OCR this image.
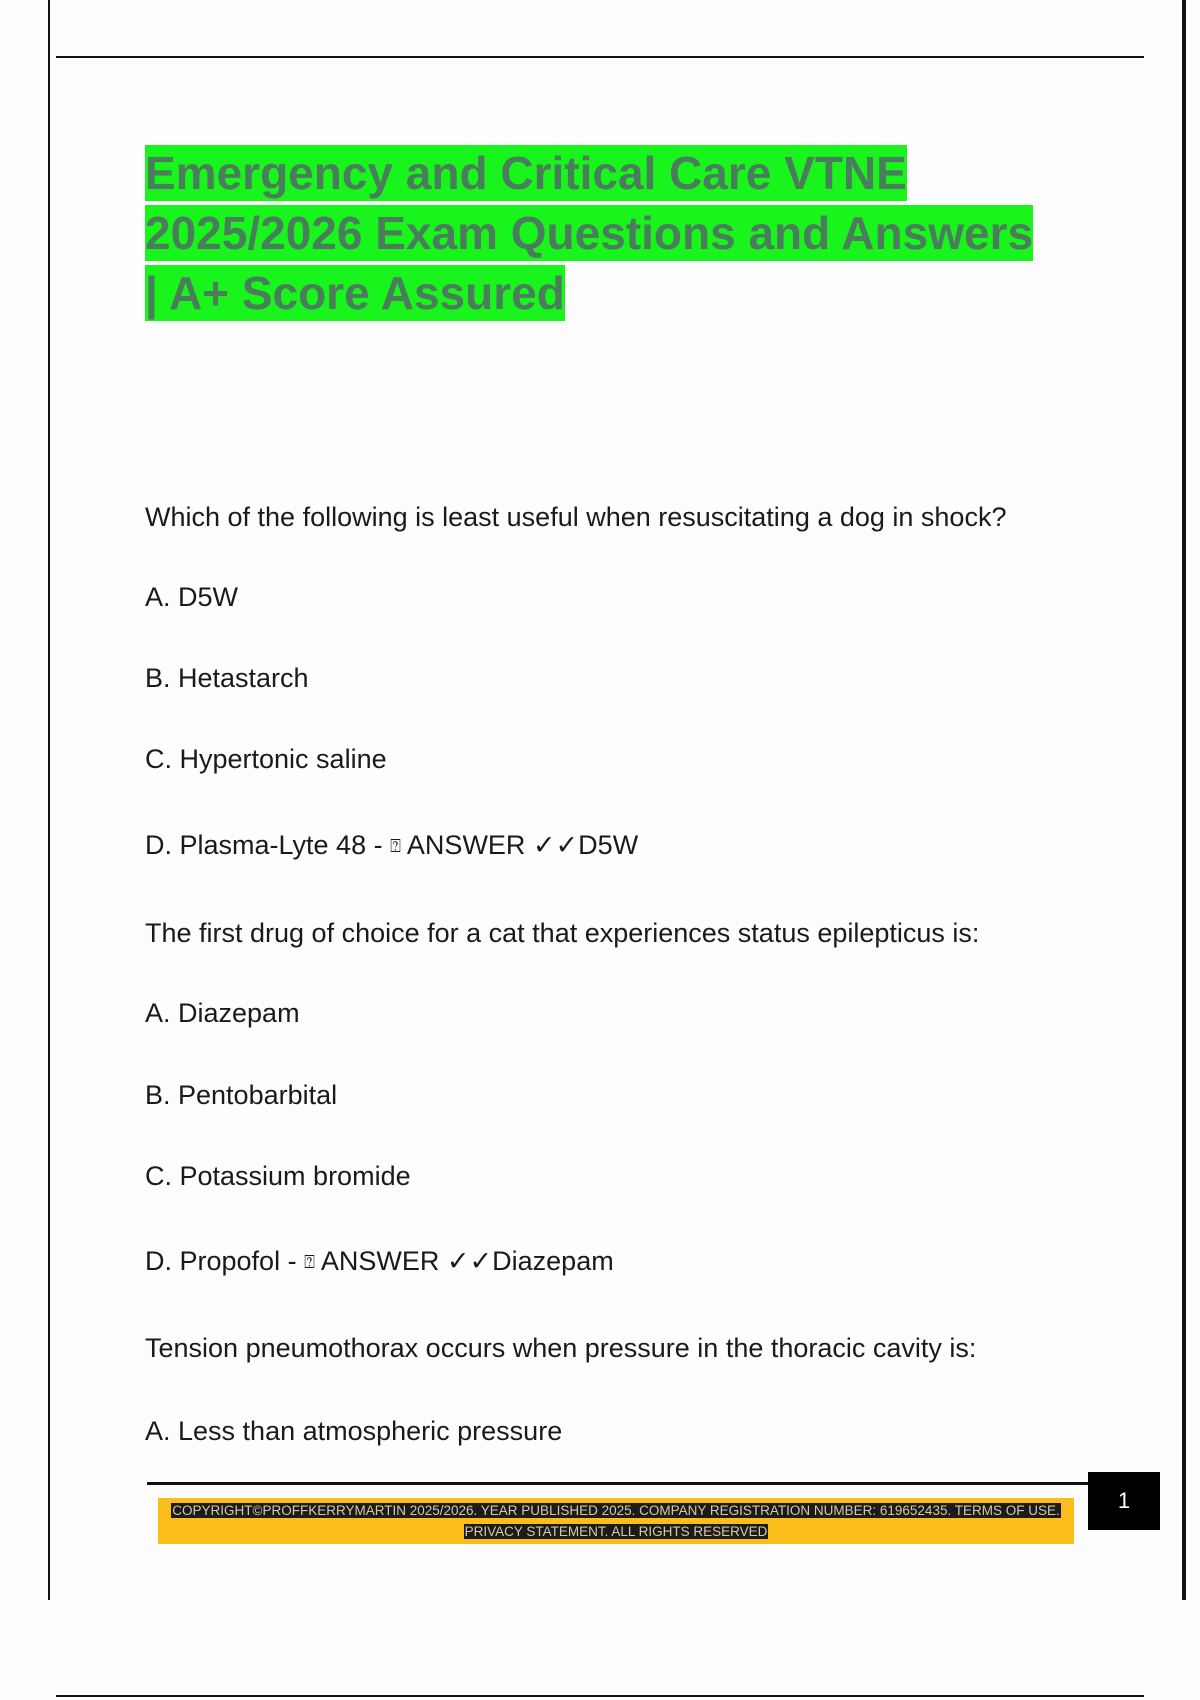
Emergency and Critical Care VTNE
2025/2026 Exam Questions and Answers
| A+ Score Assured
Which of the following is least useful when resuscitating a dog in shock?
A. D5W
B. Hetastarch
C. Hypertonic saline
D. Plasma-Lyte 48 - ⍰ ANSWER ✓✓D5W
The first drug of choice for a cat that experiences status epilepticus is:
A. Diazepam
B. Pentobarbital
C. Potassium bromide
D. Propofol - ⍰ ANSWER ✓✓Diazepam
Tension pneumothorax occurs when pressure in the thoracic cavity is:
A. Less than atmospheric pressure
COPYRIGHT©PROFFKERRYMARTIN 2025/2026. YEAR PUBLISHED 2025. COMPANY REGISTRATION NUMBER: 619652435. TERMS OF USE.
PRIVACY STATEMENT. ALL RIGHTS RESERVED
1
